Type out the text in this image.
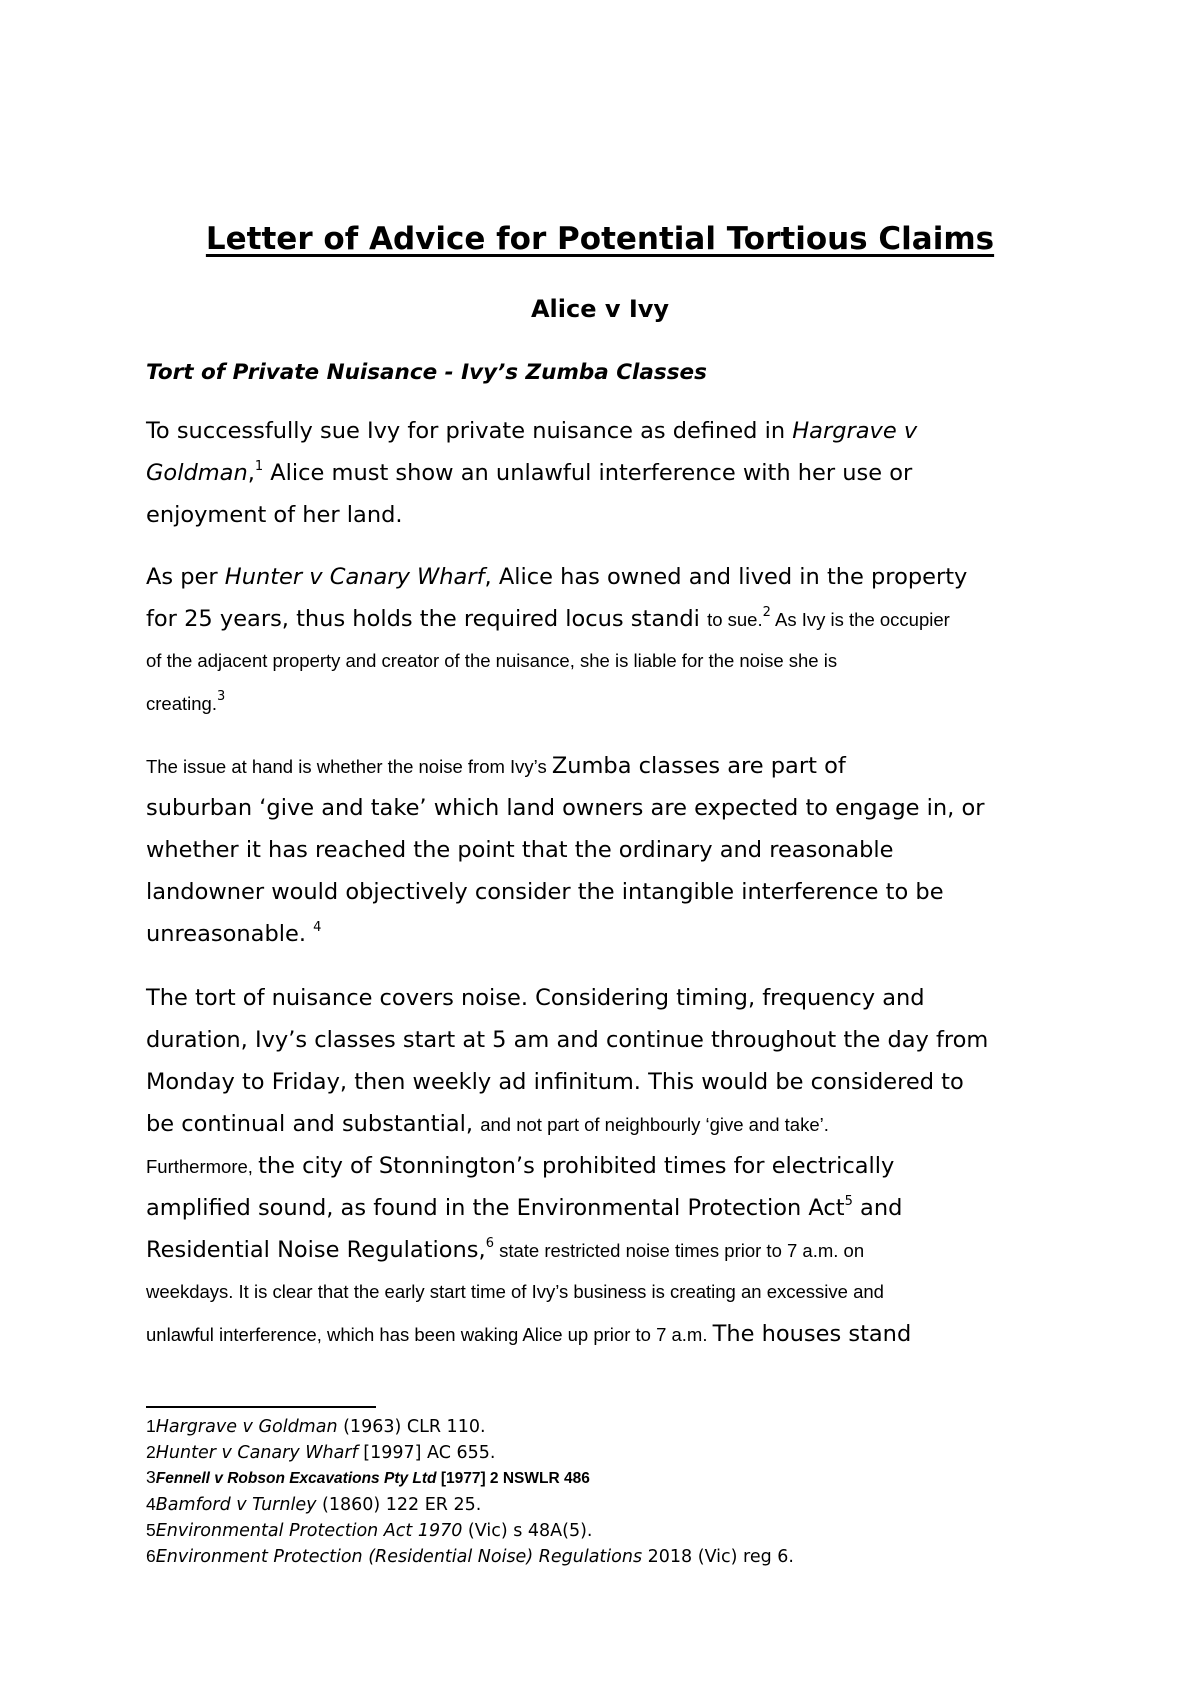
Letter of Advice for Potential Tortious Claims
Alice v Ivy
Tort of Private Nuisance - Ivy’s Zumba Classes
To successfully sue Ivy for private nuisance as defined in Hargrave v
Goldman,$^1$ Alice must show an unlawful interference with her use or
enjoyment of her land.
As per Hunter v Canary Wharf, Alice has owned and lived in the property
for 25 years, thus holds the required locus standi to sue.$^2$ As Ivy is the occupier
of the adjacent property and creator of the nuisance, she is liable for the noise she is
creating.$^3$
The issue at hand is whether the noise from Ivy’s Zumba classes are part of
suburban ‘give and take’ which land owners are expected to engage in, or
whether it has reached the point that the ordinary and reasonable
landowner would objectively consider the intangible interference to be
unreasonable. $^4$
The tort of nuisance covers noise. Considering timing, frequency and
duration, Ivy’s classes start at 5 am and continue throughout the day from
Monday to Friday, then weekly ad infinitum. This would be considered to
be continual and substantial, and not part of neighbourly ‘give and take’.
Furthermore, the city of Stonnington’s prohibited times for electrically
amplified sound, as found in the Environmental Protection Act$^5$ and
Residential Noise Regulations,$^6$ state restricted noise times prior to 7 a.m. on
weekdays. It is clear that the early start time of Ivy’s business is creating an excessive and
unlawful interference, which has been waking Alice up prior to 7 a.m. The houses stand
1Hargrave v Goldman (1963) CLR 110.
2Hunter v Canary Wharf [1997] AC 655.
3Fennell v Robson Excavations Pty Ltd [1977] 2 NSWLR 486
4Bamford v Turnley (1860) 122 ER 25.
5Environmental Protection Act 1970 (Vic) s 48A(5).
6Environment Protection (Residential Noise) Regulations 2018 (Vic) reg 6.
